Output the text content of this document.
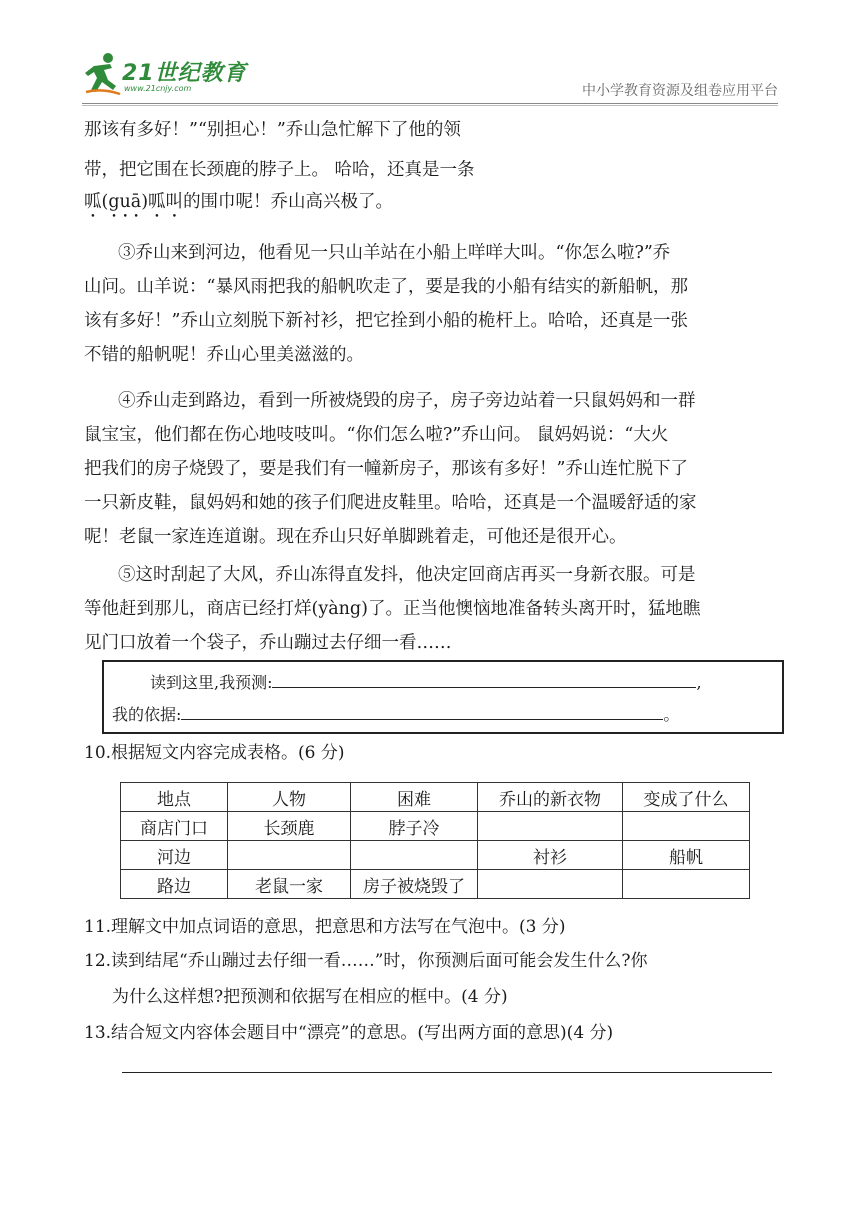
21世纪教育
www.21cnjy.com	中小学教育资源及组卷应用平台
那该有多好！”“别担心！”乔山急忙解下了他的领
带，把它围在长颈鹿的脖子上。 哈哈，还真是一条
呱(guā)呱叫的围巾呢！乔山高兴极了。
③乔山来到河边，他看见一只山羊站在小船上咩咩大叫。“你怎么啦?”乔
山问。山羊说：“暴风雨把我的船帆吹走了，要是我的小船有结实的新船帆，那
该有多好！”乔山立刻脱下新衬衫，把它拴到小船的桅杆上。哈哈，还真是一张
不错的船帆呢！乔山心里美滋滋的。
④乔山走到路边，看到一所被烧毁的房子，房子旁边站着一只鼠妈妈和一群
鼠宝宝，他们都在伤心地吱吱叫。“你们怎么啦?”乔山问。 鼠妈妈说：“大火
把我们的房子烧毁了，要是我们有一幢新房子，那该有多好！”乔山连忙脱下了
一只新皮鞋，鼠妈妈和她的孩子们爬进皮鞋里。哈哈，还真是一个温暖舒适的家
呢！老鼠一家连连道谢。现在乔山只好单脚跳着走，可他还是很开心。
⑤这时刮起了大风，乔山冻得直发抖，他决定回商店再买一身新衣服。可是
等他赶到那儿，商店已经打烊(yàng)了。正当他懊恼地准备转头离开时，猛地瞧
见门口放着一个袋子，乔山蹦过去仔细一看……
读到这里,我预测:	,
我的依据:	。
10.根据短文内容完成表格。(6 分)
地点	人物	困难	乔山的新衣物	变成了什么
商店门口	长颈鹿	脖子冷		
河边			衬衫	船帆
路边	老鼠一家	房子被烧毁了		
11.理解文中加点词语的意思，把意思和方法写在气泡中。(3 分)
12.读到结尾“乔山蹦过去仔细一看……”时，你预测后面可能会发生什么?你
为什么这样想?把预测和依据写在相应的框中。(4 分)
13.结合短文内容体会题目中“漂亮”的意思。(写出两方面的意思)(4 分)
